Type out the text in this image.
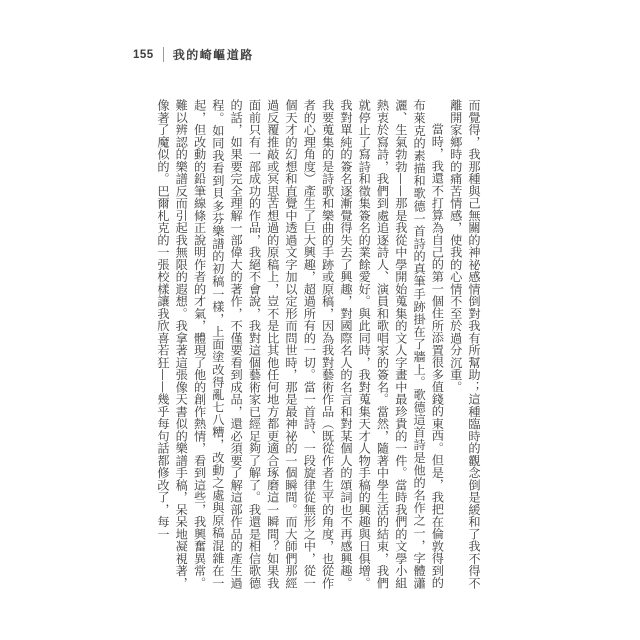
155 我的崎嶇道路

而覺得，我那種與己無關的神祕感情倒對我有所幫助；這種臨時的觀念倒是緩和了我不得不離開家鄉時的痛苦情感，使我的心情不至於過分沉重。

當時，我還不打算為自己的第一個住所添置很多值錢的東西。但是，我把在倫敦得到的布萊克的素描和歌德一首詩的真筆手跡掛在了牆上。歌德這首詩是他的名作之一，字體瀟灑、生氣勃勃——那是我從中學開始蒐集的文人字畫中最珍貴的一件。當時我們的文學小組熱衷於寫詩，我們到處追逐詩人、演員和歌唱家的簽名。當然，隨著中學生活的結束，我們就停止了寫詩和徵集簽名的業餘愛好。與此同時，我對蒐集天才人物手稿的興趣與日俱增。我對單純的簽名逐漸覺得失去了興趣，對國際名人的名言和對某個人的頌詞也不再感興趣。我要蒐集的是詩歌和樂曲的手跡或原稿，因為我對藝術作品（既從作者生平的角度，也從作者的心理角度）產生了巨大興趣，超過所有的一切。當一首詩、一段旋律從無形之中，從一個天才的幻想和直覺中透過文字加以定形而問世時，那是最神祕的一個瞬間。而大師們那經過反覆推敲或冥思苦想過的原稿上，豈不是比其他任何地方都更適合琢磨這一瞬間？如果我面前只有一部成功的作品，我絕不會說，我對這個藝術家已經足夠了解了。我還是相信歌德的話，如果要完全理解一部偉大的著作，不僅要看到成品，還必須要了解這部作品的產生過程。如同我看到貝多芬樂譜的初稿一樣，上面塗改得亂七八糟，改動之處與原稿混雜在一起，但改動的鉛筆線條正說明作者的才氣，體現了他的創作熱情，看到這些，我興奮異常。難以辨認的樂譜反而引起我無限的遐想。我拿著這張像天書似的樂譜手稿，呆呆地凝視著，像著了魔似的。巴爾札克的一張校樣讓我欣喜若狂——幾乎每句話都修改了，每一
